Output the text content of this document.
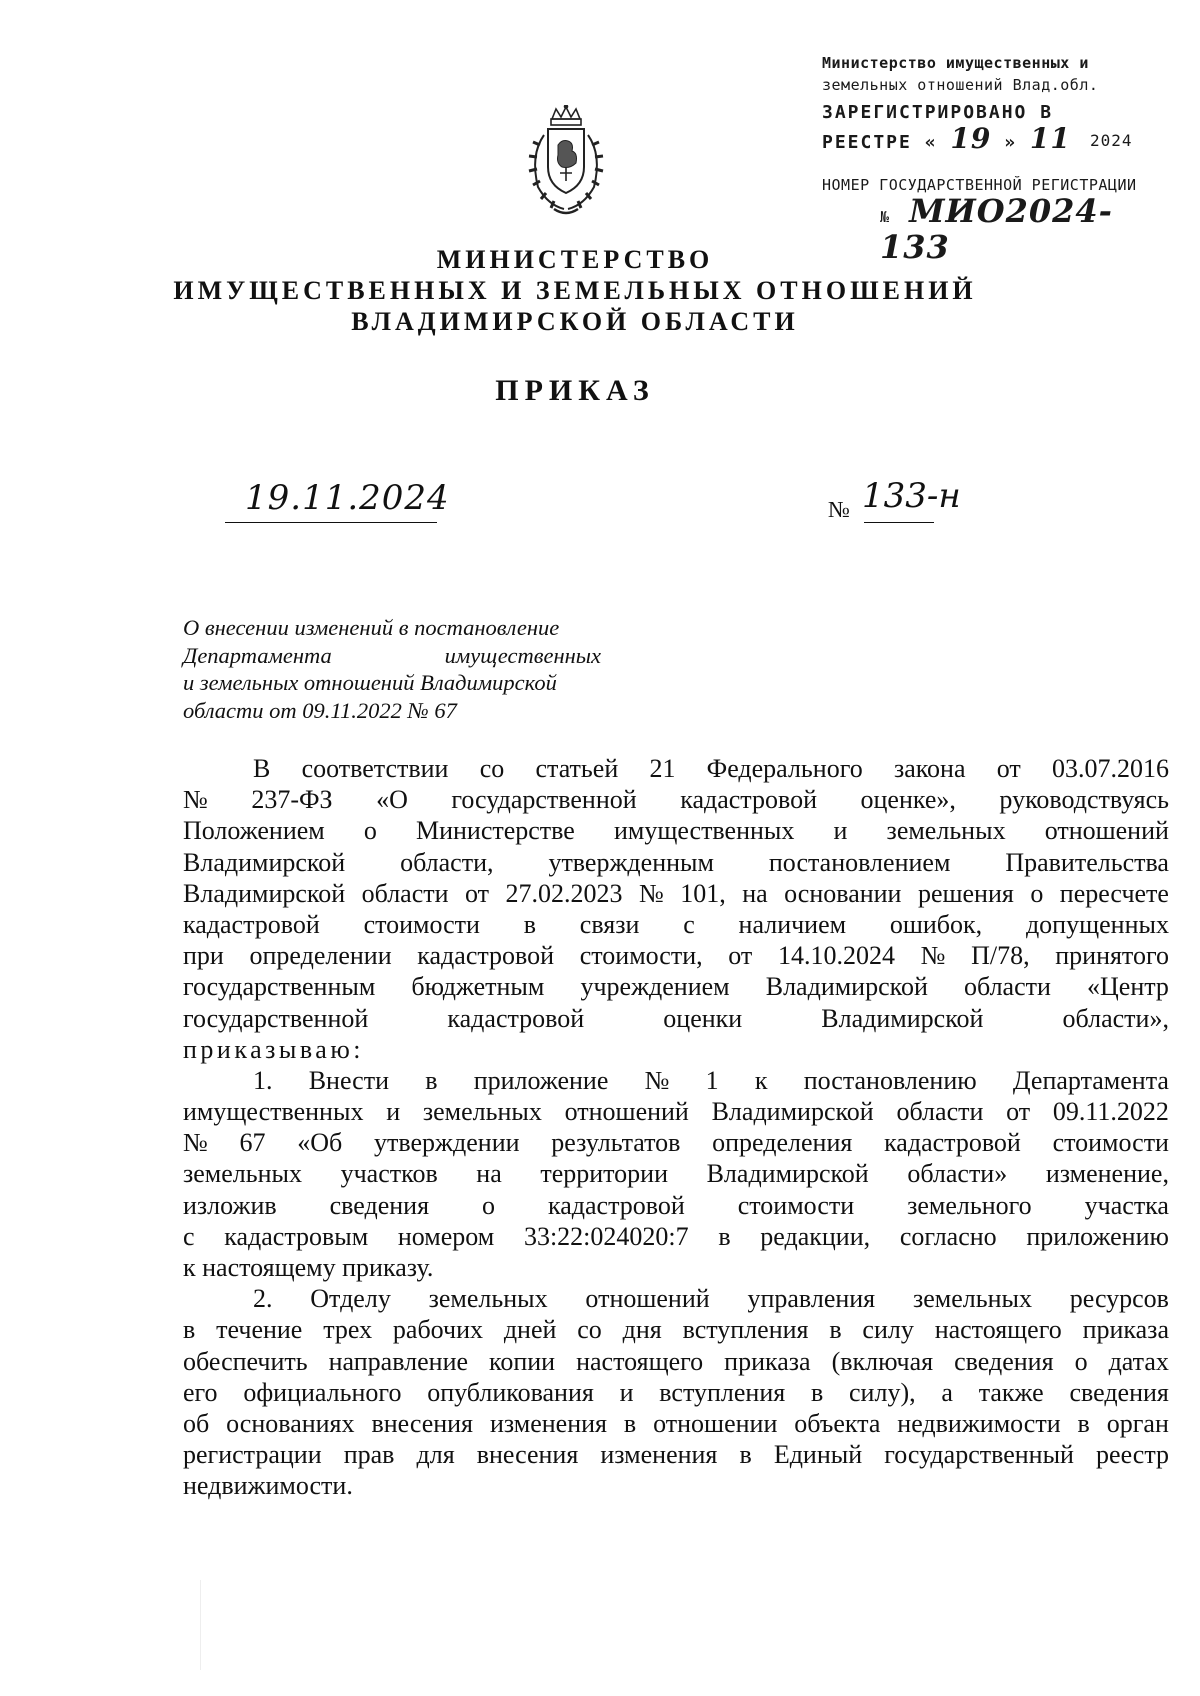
Министерство имущественных и
земельных отношений Влад.обл.
ЗАРЕГИСТРИРОВАНО В
РЕЕСТРЕ « 19 » 11 2024
НОМЕР ГОСУДАРСТВЕННОЙ РЕГИСТРАЦИИ
№ МИО2024-133
МИНИСТЕРСТВО
ИМУЩЕСТВЕННЫХ И ЗЕМЕЛЬНЫХ ОТНОШЕНИЙ
ВЛАДИМИРСКОЙ ОБЛАСТИ
ПРИКАЗ
19.11.2024	№ 133-н
О внесении изменений в постановление
Департамента	имущественных
и земельных отношений Владимирской
области от 09.11.2022 № 67
В соответствии со статьей 21 Федерального закона от 03.07.2016
№ 237-ФЗ «О государственной кадастровой оценке», руководствуясь
Положением о Министерстве имущественных и земельных отношений
Владимирской области, утвержденным постановлением Правительства
Владимирской области от 27.02.2023 № 101, на основании решения о пересчете
кадастровой стоимости в связи с наличием ошибок, допущенных
при определении кадастровой стоимости, от 14.10.2024 № П/78, принятого
государственным бюджетным учреждением Владимирской области «Центр
государственной	кадастровой	оценки	Владимирской	области»,
приказываю:
1. Внести в приложение № 1 к постановлению Департамента
имущественных и земельных отношений Владимирской области от 09.11.2022
№ 67 «Об утверждении результатов определения кадастровой стоимости
земельных участков на территории Владимирской области» изменение,
изложив сведения о кадастровой стоимости земельного участка
с кадастровым номером 33:22:024020:7 в редакции, согласно приложению
к настоящему приказу.
2. Отделу земельных отношений управления земельных ресурсов
в течение трех рабочих дней со дня вступления в силу настоящего приказа
обеспечить направление копии настоящего приказа (включая сведения о датах
его официального опубликования и вступления в силу), а также сведения
об основаниях внесения изменения в отношении объекта недвижимости в орган
регистрации прав для внесения изменения в Единый государственный реестр
недвижимости.
